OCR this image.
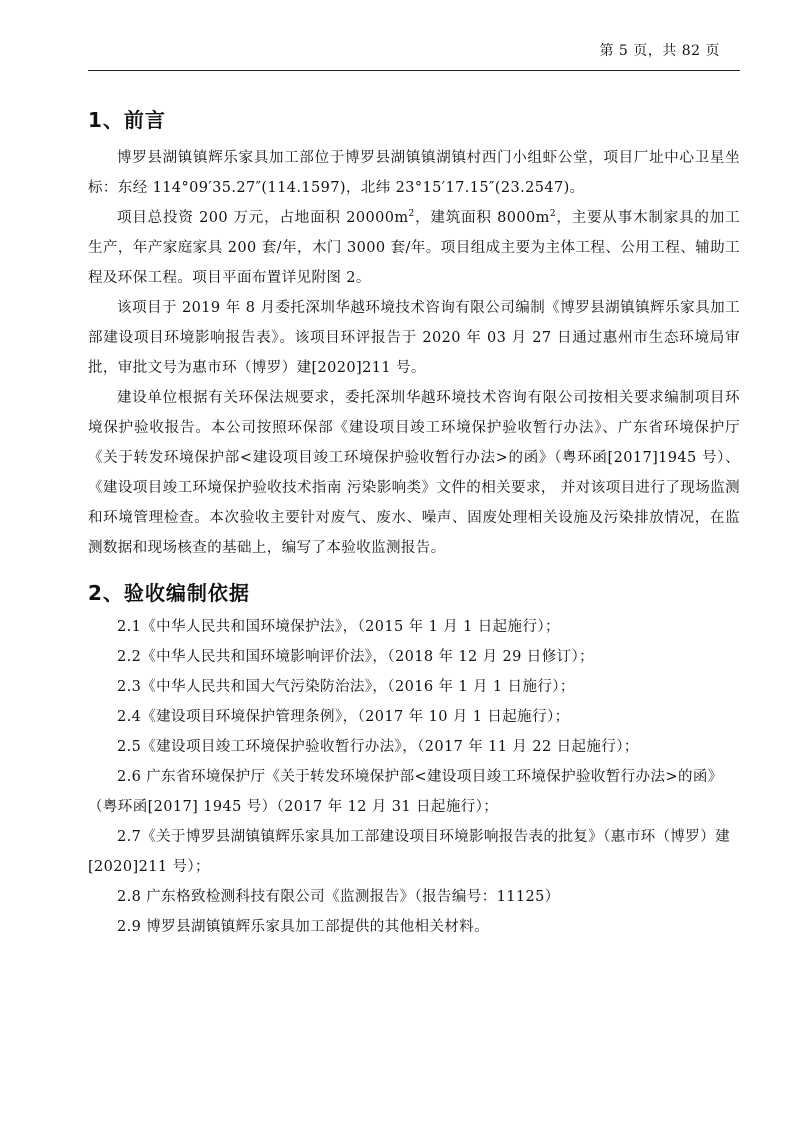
第 5 页，共 82 页
1、前言

博罗县湖镇镇辉乐家具加工部位于博罗县湖镇镇湖镇村西门小组虾公堂，项目厂址中心卫星坐标：东经 114°09′35.27″(114.1597)，北纬 23°15′17.15″(23.2547)。

项目总投资 200 万元，占地面积 $20000m^2$，建筑面积 $8000m^2$，主要从事木制家具的加工生产，年产家庭家具 200 套/年，木门 3000 套/年。项目组成主要为主体工程、公用工程、辅助工程及环保工程。项目平面布置详见附图 2。

该项目于 2019 年 8 月委托深圳华越环境技术咨询有限公司编制《博罗县湖镇镇辉乐家具加工部建设项目环境影响报告表》。该项目环评报告于 2020 年 03 月 27 日通过惠州市生态环境局审批，审批文号为惠市环（博罗）建[2020]211 号。

建设单位根据有关环保法规要求，委托深圳华越环境技术咨询有限公司按相关要求编制项目环境保护验收报告。本公司按照环保部《建设项目竣工环境保护验收暂行办法》、广东省环境保护厅《关于转发环境保护部<建设项目竣工环境保护验收暂行办法>的函》（粤环函[2017]1945 号）、《建设项目竣工环境保护验收技术指南 污染影响类》文件的相关要求， 并对该项目进行了现场监测和环境管理检查。本次验收主要针对废气、废水、噪声、固废处理相关设施及污染排放情况，在监测数据和现场核查的基础上，编写了本验收监测报告。

2、验收编制依据

2.1《中华人民共和国环境保护法》，（2015 年 1 月 1 日起施行）；

2.2《中华人民共和国环境影响评价法》，（2018 年 12 月 29 日修订）；

2.3《中华人民共和国大气污染防治法》，（2016 年 1 月 1 日施行）；

2.4《建设项目环境保护管理条例》，（2017 年 10 月 1 日起施行）；

2.5《建设项目竣工环境保护验收暂行办法》，（2017 年 11 月 22 日起施行）；

2.6 广东省环境保护厅《关于转发环境保护部<建设项目竣工环境保护验收暂行办法>的函》（粤环函[2017] 1945 号）（2017 年 12 月 31 日起施行）；

2.7《关于博罗县湖镇镇辉乐家具加工部建设项目环境影响报告表的批复》（惠市环（博罗）建[2020]211 号）；

2.8 广东格致检测科技有限公司《监测报告》（报告编号：11125）

2.9 博罗县湖镇镇辉乐家具加工部提供的其他相关材料。
